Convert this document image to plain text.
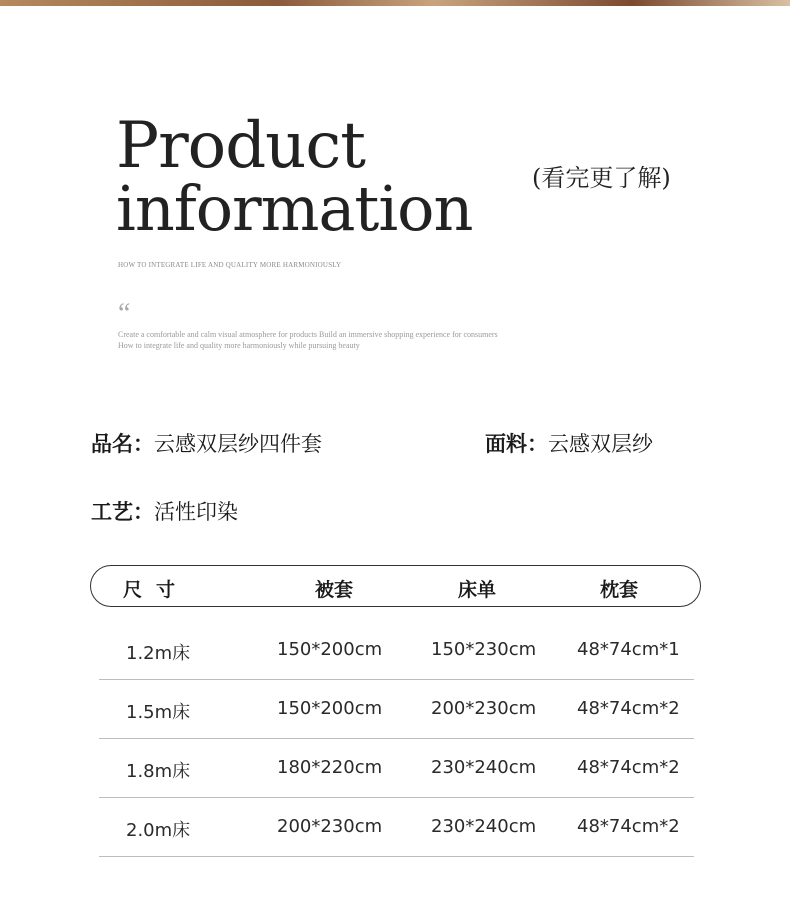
Product
information (看完更了解)
HOW TO INTEGRATE LIFE AND QUALITY MORE HARMONIOUSLY
“
Create a comfortable and calm visual atmosphere for products Build an immersive shopping experience for consumers How to integrate life and quality more harmoniously while pursuing beauty
品名：云感双层纱四件套	面料：云感双层纱
工艺：活性印染
尺寸	被套	床单	枕套
1.2m床	150*200cm	150*230cm 48*74cm*1
1.5m床	150*200cm	200*230cm 48*74cm*2
1.8m床	180*220cm	230*240cm 48*74cm*2
2.0m床	200*230cm	230*240cm 48*74cm*2
